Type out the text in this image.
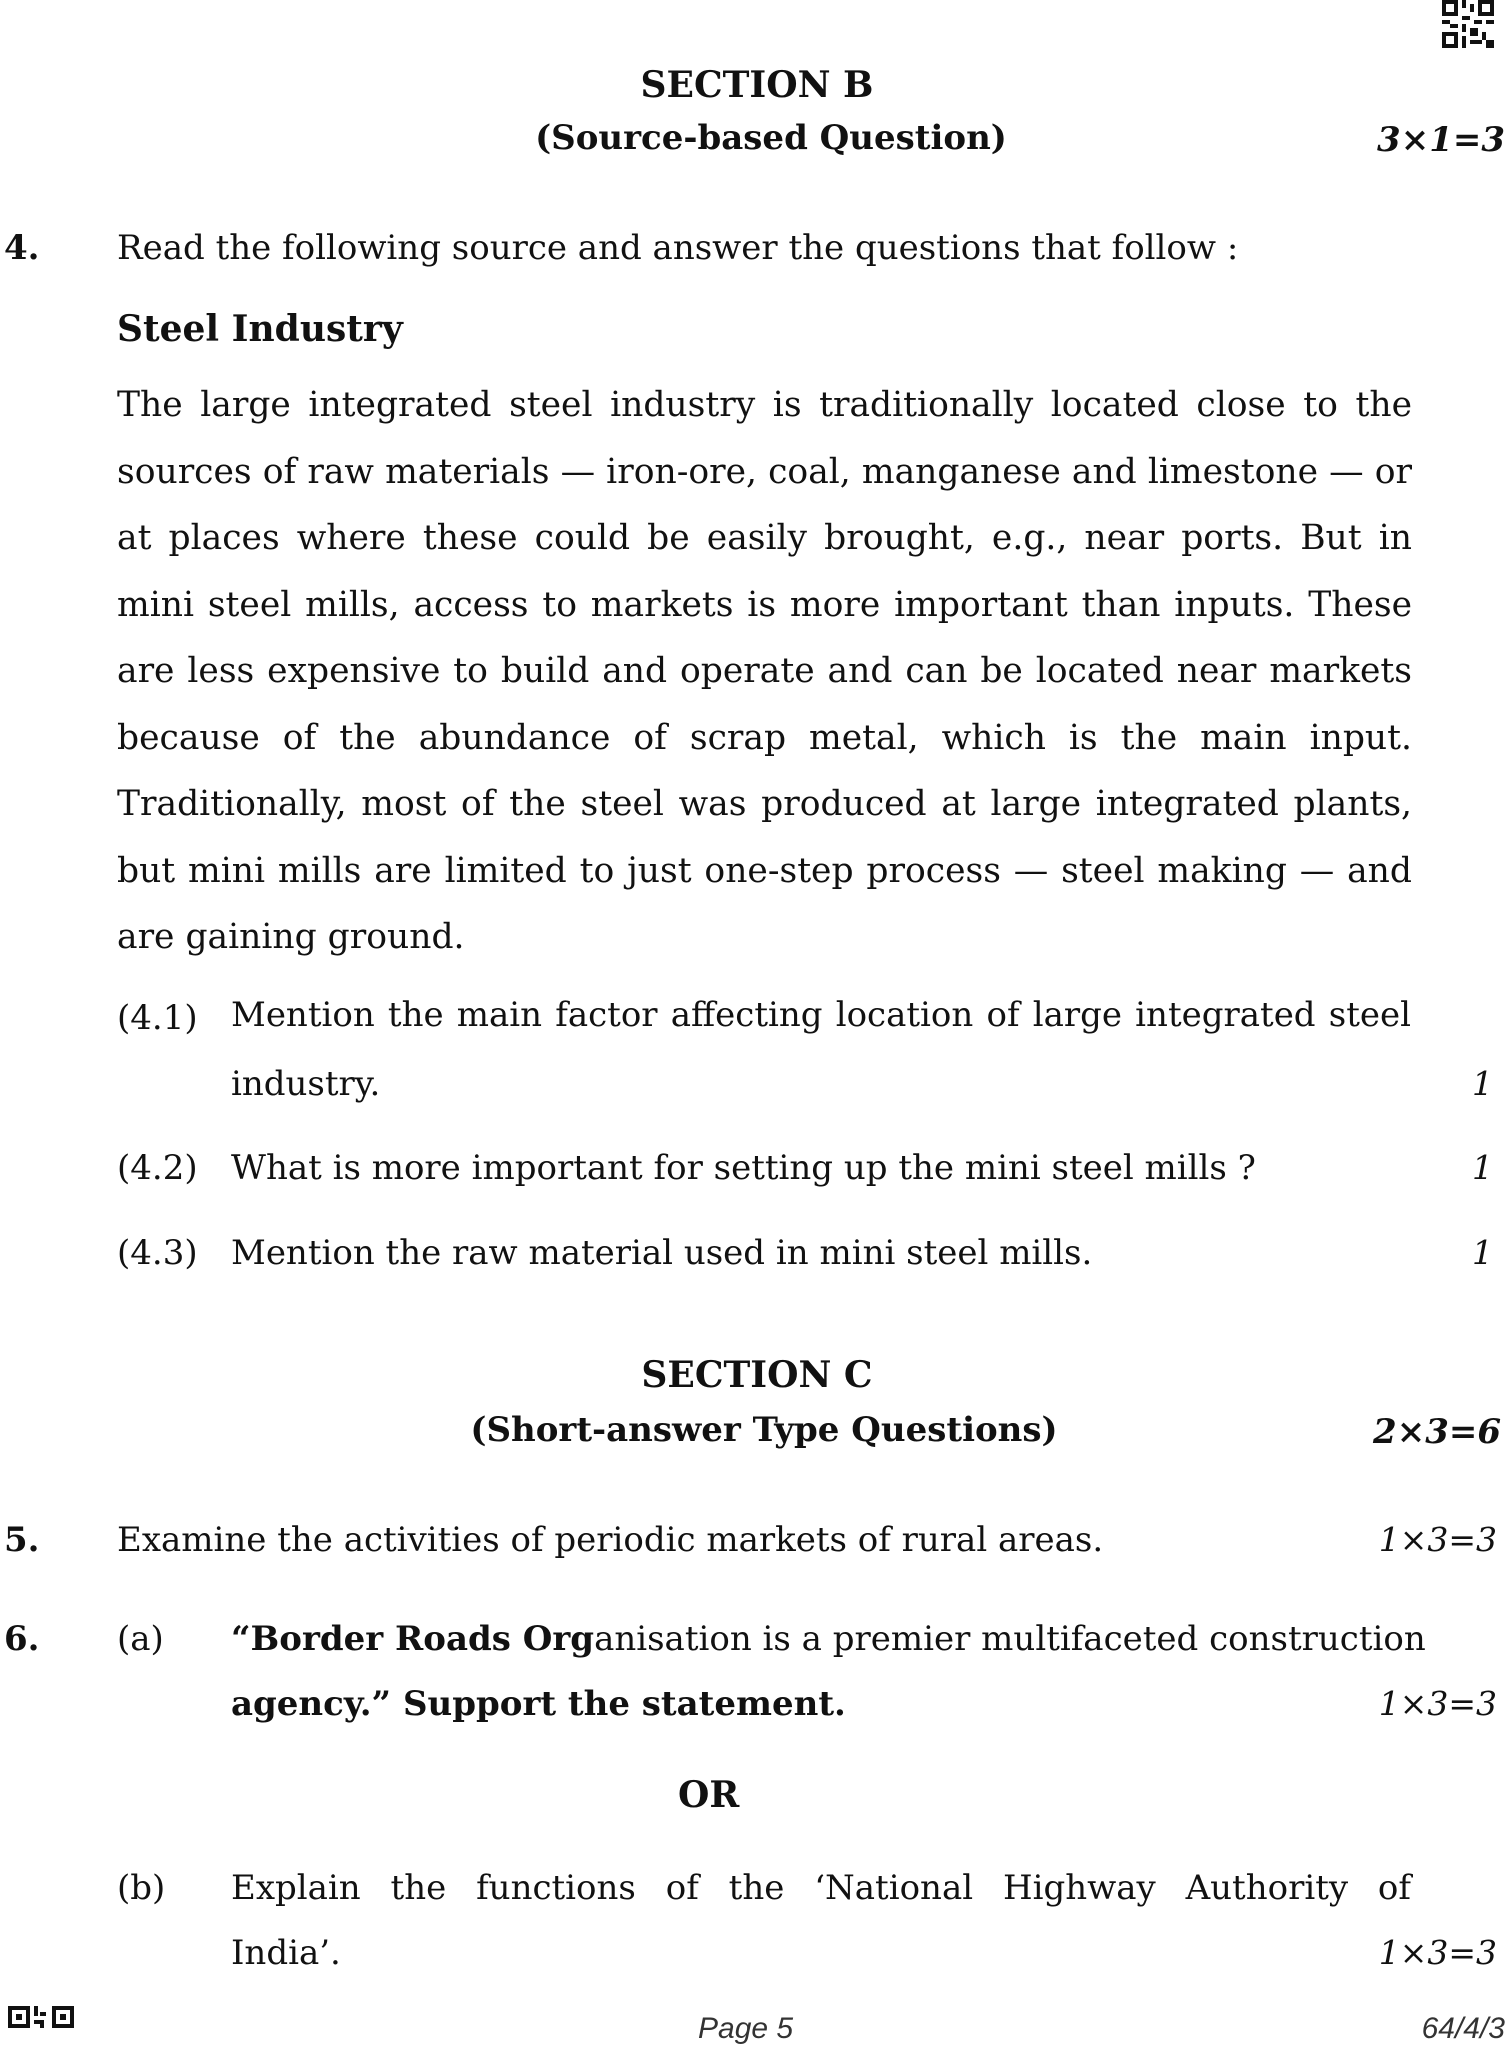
SECTION B
(Source-based Question)	3×1=3
4. Read the following source and answer the questions that follow :
Steel Industry
The large integrated steel industry is traditionally located close to the
sources of raw materials — iron-ore, coal, manganese and limestone — or
at places where these could be easily brought, e.g., near ports. But in
mini steel mills, access to markets is more important than inputs. These
are less expensive to build and operate and can be located near markets
because of the abundance of scrap metal, which is the main input.
Traditionally, most of the steel was produced at large integrated plants,
but mini mills are limited to just one-step process — steel making — and
are gaining ground.
(4.1) Mention the main factor affecting location of large integrated steel
industry.	1
(4.2) What is more important for setting up the mini steel mills ?	1
(4.3) Mention the raw material used in mini steel mills.	1
SECTION C
(Short-answer Type Questions)	2×3=6
5. Examine the activities of periodic markets of rural areas.	1×3=3
6. (a) “Border Roads Organisation is a premier multifaceted construction
agency.” Support the statement.	1×3=3
OR
(b) Explain the functions of the ‘National Highway Authority of
India’.	1×3=3
Page 5	64/4/3
